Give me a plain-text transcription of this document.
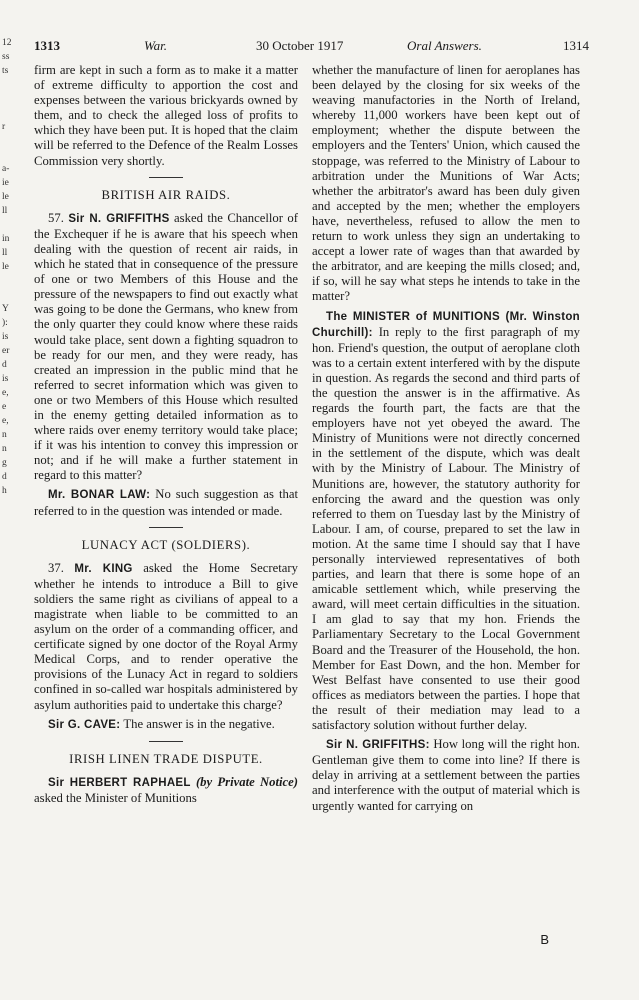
12
ss
ts
r
a-
ie
le
ll
in
ll
le
Y
):
is
er
d
is
e,
e
e,
n
n
g
d
h
1313	War.	30 October 1917	Oral Answers.	1314

firm are kept in such a form as to make it a matter of extreme difficulty to apportion the cost and expenses between the various brickyards owned by them, and to check the alleged loss of profits to which they have been put. It is hoped that the claim will be referred to the Defence of the Realm Losses Commission very shortly.

BRITISH AIR RAIDS.

57. Sir N. GRIFFITHS asked the Chancellor of the Exchequer if he is aware that his speech when dealing with the question of recent air raids, in which he stated that in consequence of the pressure of one or two Members of this House and the pressure of the newspapers to find out exactly what was going to be done the Germans, who knew from the only quarter they could know where these raids would take place, sent down a fighting squadron to be ready for our men, and they were ready, has created an impression in the public mind that he referred to secret information which was given to one or two Members of this House which resulted in the enemy getting detailed information as to where raids over enemy territory would take place; if it was his intention to convey this impression or not; and if he will make a further statement in regard to this matter?

Mr. BONAR LAW: No such suggestion as that referred to in the question was intended or made.

LUNACY ACT (SOLDIERS).

37. Mr. KING asked the Home Secretary whether he intends to introduce a Bill to give soldiers the same right as civilians of appeal to a magistrate when liable to be committed to an asylum on the order of a commanding officer, and certificate signed by one doctor of the Royal Army Medical Corps, and to render operative the provisions of the Lunacy Act in regard to soldiers confined in so-called war hospitals administered by asylum authorities paid to undertake this charge?

Sir G. CAVE: The answer is in the negative.

IRISH LINEN TRADE DISPUTE.

Sir HERBERT RAPHAEL (by Private Notice) asked the Minister of Munitions

whether the manufacture of linen for aeroplanes has been delayed by the closing for six weeks of the weaving manufactories in the North of Ireland, whereby 11,000 workers have been kept out of employment; whether the dispute between the employers and the Tenters' Union, which caused the stoppage, was referred to the Ministry of Labour to arbitration under the Munitions of War Acts; whether the arbitrator's award has been duly given and accepted by the men; whether the employers have, nevertheless, refused to allow the men to return to work unless they sign an undertaking to accept a lower rate of wages than that awarded by the arbitrator, and are keeping the mills closed; and, if so, will he say what steps he intends to take in the matter?

The MINISTER of MUNITIONS (Mr. Winston Churchill): In reply to the first paragraph of my hon. Friend's question, the output of aeroplane cloth was to a certain extent interfered with by the dispute in question. As regards the second and third parts of the question the answer is in the affirmative. As regards the fourth part, the facts are that the employers have not yet obeyed the award. The Ministry of Munitions were not directly concerned in the settlement of the dispute, which was dealt with by the Ministry of Labour. The Ministry of Munitions are, however, the statutory authority for enforcing the award and the question was only referred to them on Tuesday last by the Ministry of Labour. I am, of course, prepared to set the law in motion. At the same time I should say that I have personally interviewed representatives of both parties, and learn that there is some hope of an amicable settlement which, while preserving the award, will meet certain difficulties in the situation. I am glad to say that my hon. Friends the Parliamentary Secretary to the Local Government Board and the Treasurer of the Household, the hon. Member for East Down, and the hon. Member for West Belfast have consented to use their good offices as mediators between the parties. I hope that the result of their mediation may lead to a satisfactory solution without further delay.

Sir N. GRIFFITHS: How long will the right hon. Gentleman give them to come into line? If there is delay in arriving at a settlement between the parties and interference with the output of material which is urgently wanted for carrying on

B
